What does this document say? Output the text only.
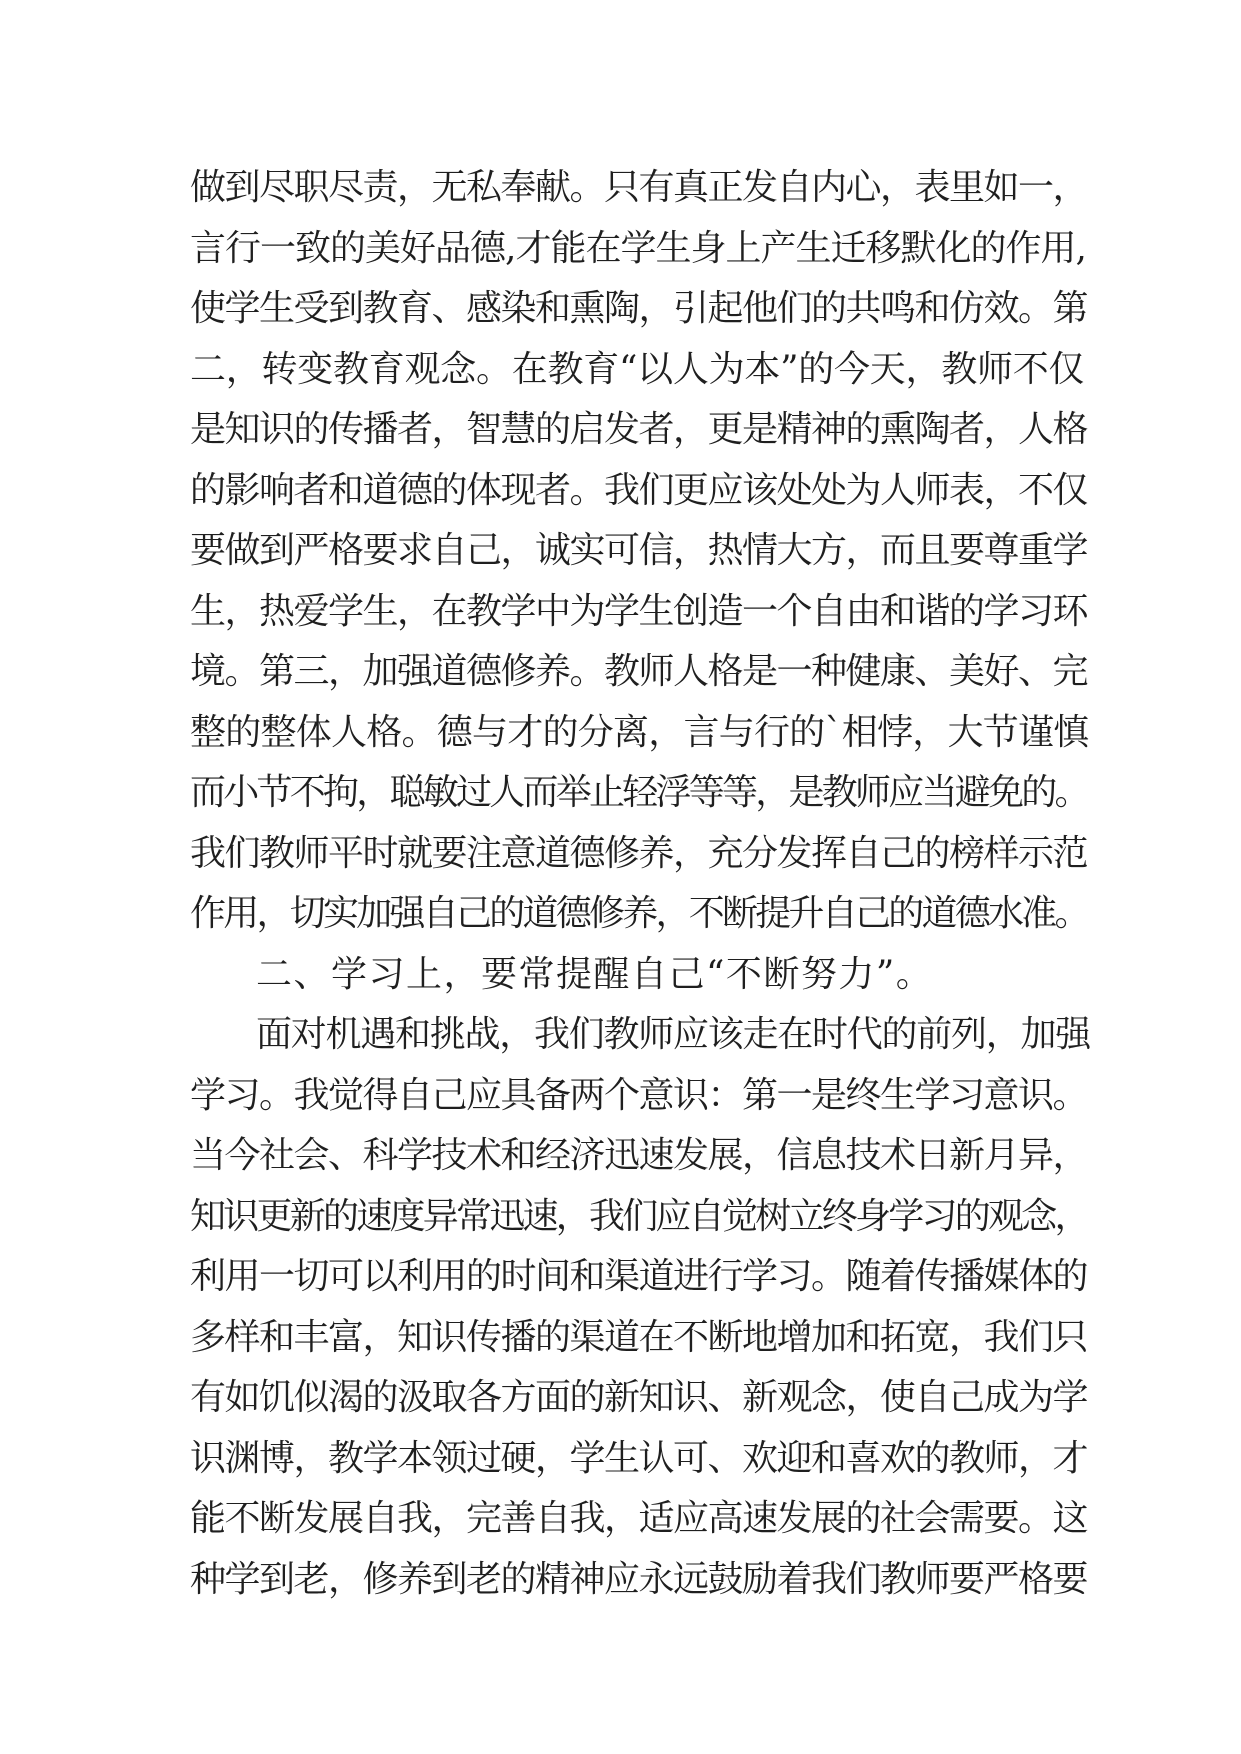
做到尽职尽责，无私奉献。只有真正发自内心，表里如一，
言行一致的美好品德,才能在学生身上产生迁移默化的作用,
使学生受到教育、感染和熏陶，引起他们的共鸣和仿效。第
二，转变教育观念。在教育“以人为本”的今天，教师不仅
是知识的传播者，智慧的启发者，更是精神的熏陶者，人格
的影响者和道德的体现者。我们更应该处处为人师表，不仅
要做到严格要求自己，诚实可信，热情大方，而且要尊重学
生，热爱学生，在教学中为学生创造一个自由和谐的学习环
境。第三，加强道德修养。教师人格是一种健康、美好、完
整的整体人格。德与才的分离，言与行的`相悖，大节谨慎
而小节不拘，聪敏过人而举止轻浮等等，是教师应当避免的。
我们教师平时就要注意道德修养，充分发挥自己的榜样示范
作用，切实加强自己的道德修养，不断提升自己的道德水准。
二、学习上，要常提醒自己“不断努力”。
面对机遇和挑战，我们教师应该走在时代的前列，加强
学习。我觉得自己应具备两个意识：第一是终生学习意识。
当今社会、科学技术和经济迅速发展，信息技术日新月异，
知识更新的速度异常迅速，我们应自觉树立终身学习的观念，
利用一切可以利用的时间和渠道进行学习。随着传播媒体的
多样和丰富，知识传播的渠道在不断地增加和拓宽，我们只
有如饥似渴的汲取各方面的新知识、新观念，使自己成为学
识渊博，教学本领过硬，学生认可、欢迎和喜欢的教师，才
能不断发展自我，完善自我，适应高速发展的社会需要。这
种学到老，修养到老的精神应永远鼓励着我们教师要严格要
